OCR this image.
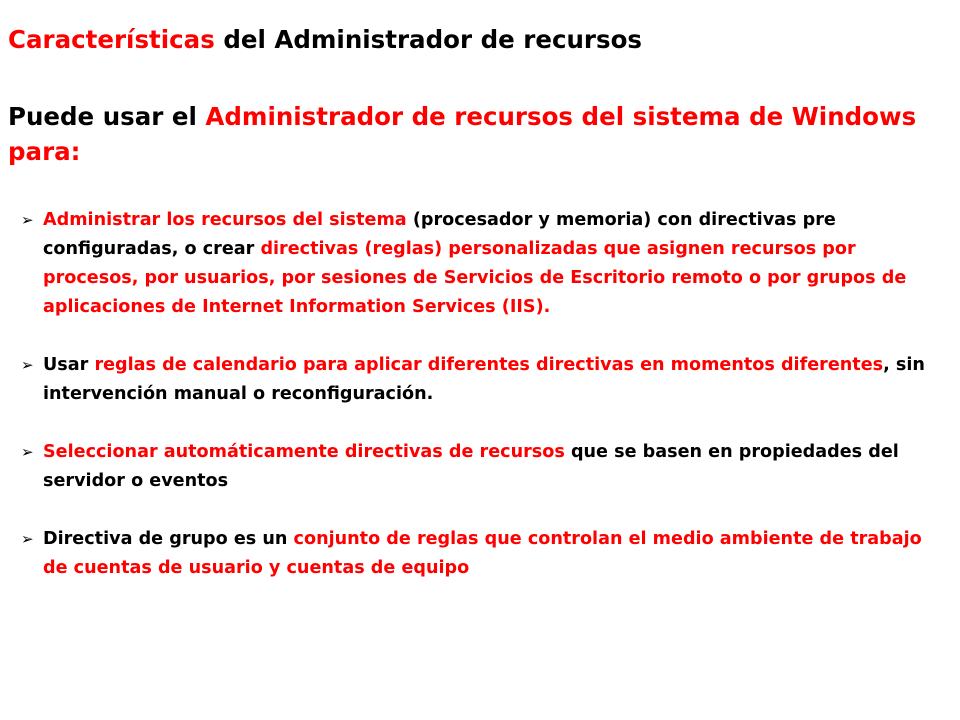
Características del Administrador de recursos
Puede usar el Administrador de recursos del sistema de Windows para:
➢ Administrar los recursos del sistema (procesador y memoria) con directivas pre configuradas, o crear directivas (reglas) personalizadas que asignen recursos por procesos, por usuarios, por sesiones de Servicios de Escritorio remoto o por grupos de aplicaciones de Internet Information Services (IIS).
➢ Usar reglas de calendario para aplicar diferentes directivas en momentos diferentes, sin intervención manual o reconfiguración.
➢ Seleccionar automáticamente directivas de recursos que se basen en propiedades del servidor o eventos
➢ Directiva de grupo es un conjunto de reglas que controlan el medio ambiente de trabajo de cuentas de usuario y cuentas de equipo
